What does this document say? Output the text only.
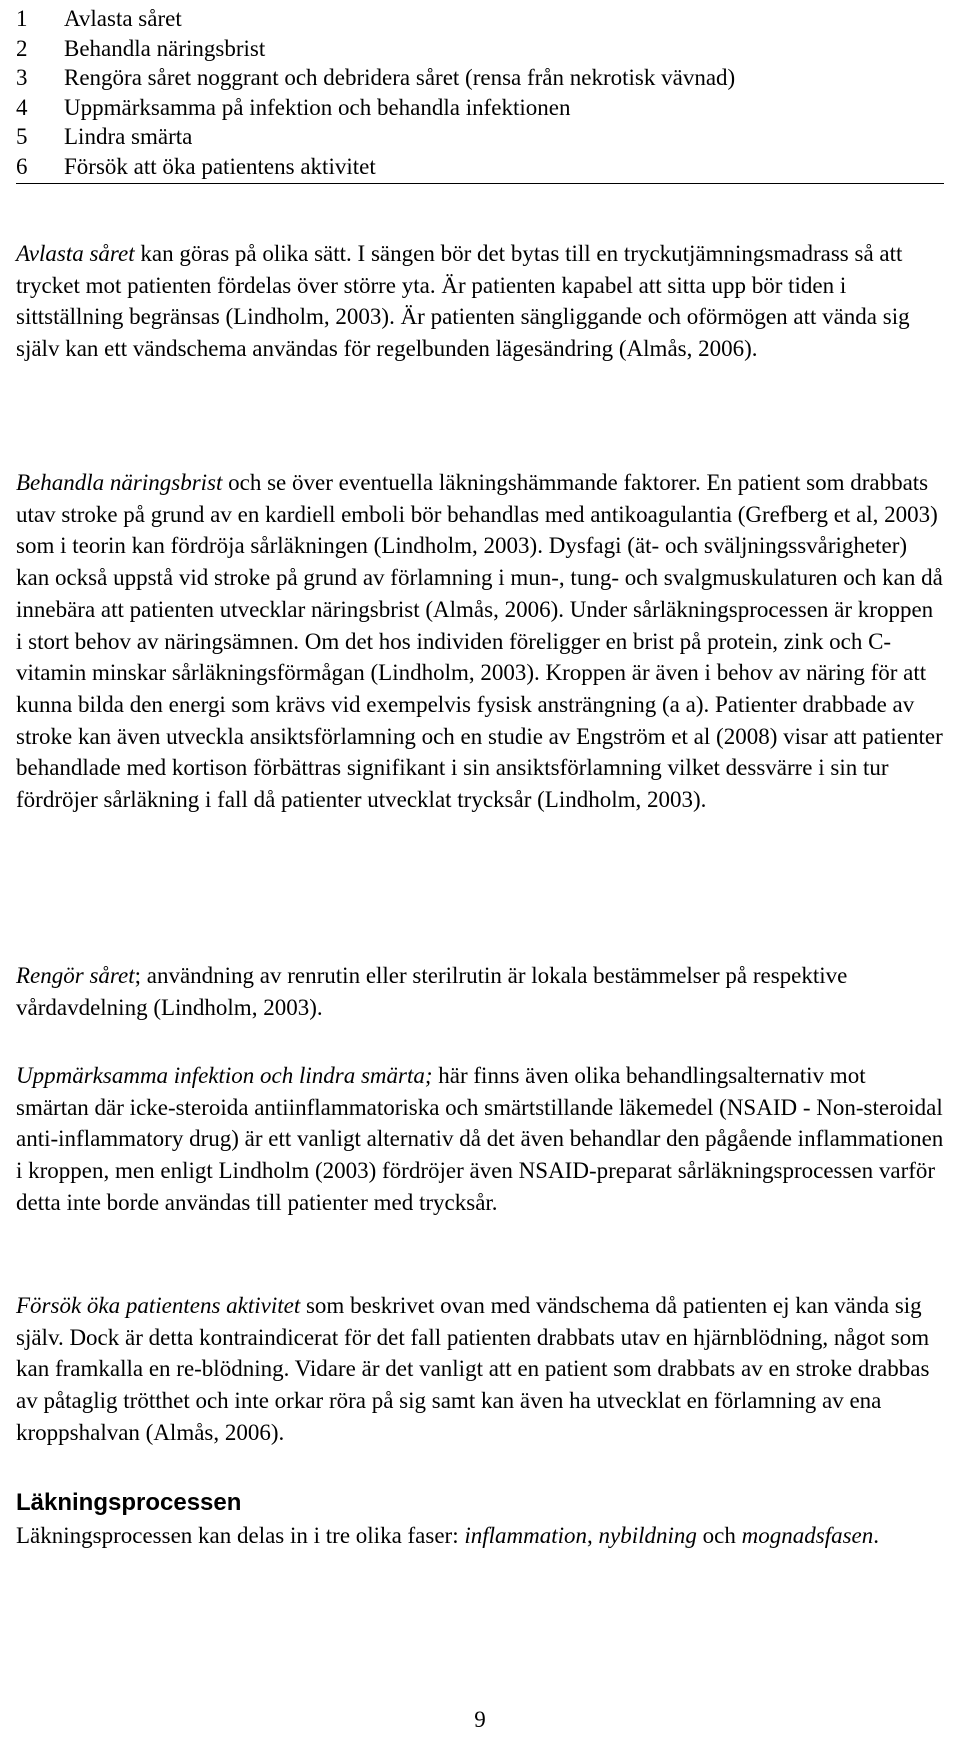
1	Avlasta såret
2	Behandla näringsbrist
3	Rengöra såret noggrant och debridera såret (rensa från nekrotisk vävnad)
4	Uppmärksamma på infektion och behandla infektionen
5	Lindra smärta
6	Försök att öka patientens aktivitet

Avlasta såret kan göras på olika sätt. I sängen bör det bytas till en tryckutjämningsmadrass så att trycket mot patienten fördelas över större yta. Är patienten kapabel att sitta upp bör tiden i sittställning begränsas (Lindholm, 2003). Är patienten sängliggande och oförmögen att vända sig själv kan ett vändschema användas för regelbunden lägesändring (Almås, 2006).

Behandla näringsbrist och se över eventuella läkningshämmande faktorer. En patient som drabbats utav stroke på grund av en kardiell emboli bör behandlas med antikoagulantia (Grefberg et al, 2003) som i teorin kan fördröja sårläkningen (Lindholm, 2003). Dysfagi (ät- och sväljningssvårigheter) kan också uppstå vid stroke på grund av förlamning i mun-, tung- och svalgmuskulaturen och kan då innebära att patienten utvecklar näringsbrist (Almås, 2006). Under sårläkningsprocessen är kroppen i stort behov av näringsämnen. Om det hos individen föreligger en brist på protein, zink och C-vitamin minskar sårläkningsförmågan (Lindholm, 2003). Kroppen är även i behov av näring för att kunna bilda den energi som krävs vid exempelvis fysisk ansträngning (a a). Patienter drabbade av stroke kan även utveckla ansiktsförlamning och en studie av Engström et al (2008) visar att patienter behandlade med kortison förbättras signifikant i sin ansiktsförlamning vilket dessvärre i sin tur fördröjer sårläkning i fall då patienter utvecklat trycksår (Lindholm, 2003).

Rengör såret; användning av renrutin eller sterilrutin är lokala bestämmelser på respektive vårdavdelning (Lindholm, 2003).

Uppmärksamma infektion och lindra smärta; här finns även olika behandlingsalternativ mot smärtan där icke-steroida antiinflammatoriska och smärtstillande läkemedel (NSAID - Non-steroidal anti-inflammatory drug) är ett vanligt alternativ då det även behandlar den pågående inflammationen i kroppen, men enligt Lindholm (2003) fördröjer även NSAID-preparat sårläkningsprocessen varför detta inte borde användas till patienter med trycksår.

Försök öka patientens aktivitet som beskrivet ovan med vändschema då patienten ej kan vända sig själv. Dock är detta kontraindicerat för det fall patienten drabbats utav en hjärnblödning, något som kan framkalla en re-blödning. Vidare är det vanligt att en patient som drabbats av en stroke drabbas av påtaglig trötthet och inte orkar röra på sig samt kan även ha utvecklat en förlamning av ena kroppshalvan (Almås, 2006).

Läkningsprocessen

Läkningsprocessen kan delas in i tre olika faser: inflammation, nybildning och mognadsfasen.

9
